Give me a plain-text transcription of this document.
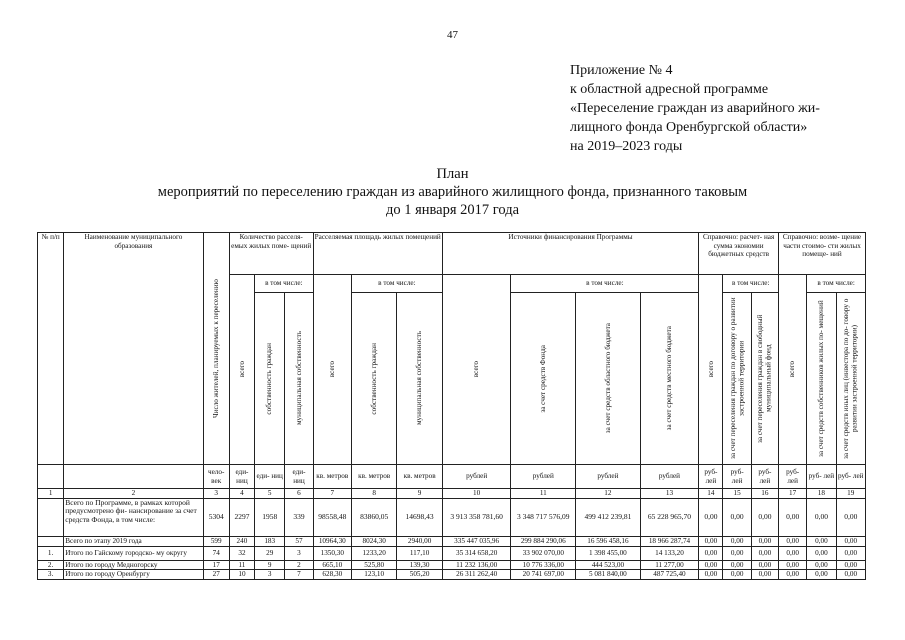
47
Приложение № 4
к областной адресной программе
«Переселение граждан из аварийного жи-
лищного фонда Оренбургской области»
на 2019–2023 годы
План
мероприятий по переселению граждан из аварийного жилищного фонда, признанного таковым
до 1 января 2017 года
№ п/п	Наименование муниципального образования	Число жителей, планируемых к переселению	Количество расселя- емых жилых поме- щений			Расселяемая площадь жилых помещений			Источники финансирования Программы				Справочно: расчет- ная сумма экономии бюджетных средств			Справочно: возме- щение части стоимо- сти жилых помеще- ний		

			всего	в том числе:		всего	в том числе:		всего	в том числе:			всего	в том числе:		всего	в том числе:	

				собственность граждан	муниципальная собственность		собственность граждан	муниципальная собственность		за счет средств Фонда	за счет средств областного бюджета	за счет средств местного бюджета		за счет переселения граждан по договору о развитии застроенной территории	за счет переселения граждан в свободный муниципальный фонд		за счет средств собственников жилых по- мещений	за счет средств иных лиц (инвестора по до- говору о развитии застроенной территории)

		чело- век	еди- ниц	еди- ниц	еди- ниц	кв. метров	кв. метров	кв. метров	рублей	рублей	рублей	рублей	руб- лей	руб- лей	руб- лей	руб- лей	руб- лей	руб- лей
1	2	3	4	5	6	7	8	9	10	11	12	13	14	15	16	17	18	19
	Всего по Программе, в рамках которой предусмотрено фи- нансирование за счет средств Фонда, в том числе:	5304	2297	1958	339	98558,48	83860,05	14698,43	3 913 358 781,60	3 348 717 576,09	499 412 239,81	65 228 965,70	0,00	0,00	0,00	0,00	0,00	0,00
	Всего по этапу 2019 года	599	240	183	57	10964,30	8024,30	2940,00	335 447 035,96	299 884 290,06	16 596 458,16	18 966 287,74	0,00	0,00	0,00	0,00	0,00	0,00
1.	Итого по Гайскому городско- му округу	74	32	29	3	1350,30	1233,20	117,10	35 314 658,20	33 902 070,00	1 398 455,00	14 133,20	0,00	0,00	0,00	0,00	0,00	0,00
2.	Итого по городу Медногорску	17	11	9	2	665,10	525,80	139,30	11 232 136,00	10 776 336,00	444 523,00	11 277,00	0,00	0,00	0,00	0,00	0,00	0,00
3.	Итого по городу Оренбургу	27	10	3	7	628,30	123,10	505,20	26 311 262,40	20 741 697,00	5 081 840,00	487 725,40	0,00	0,00	0,00	0,00	0,00	0,00
